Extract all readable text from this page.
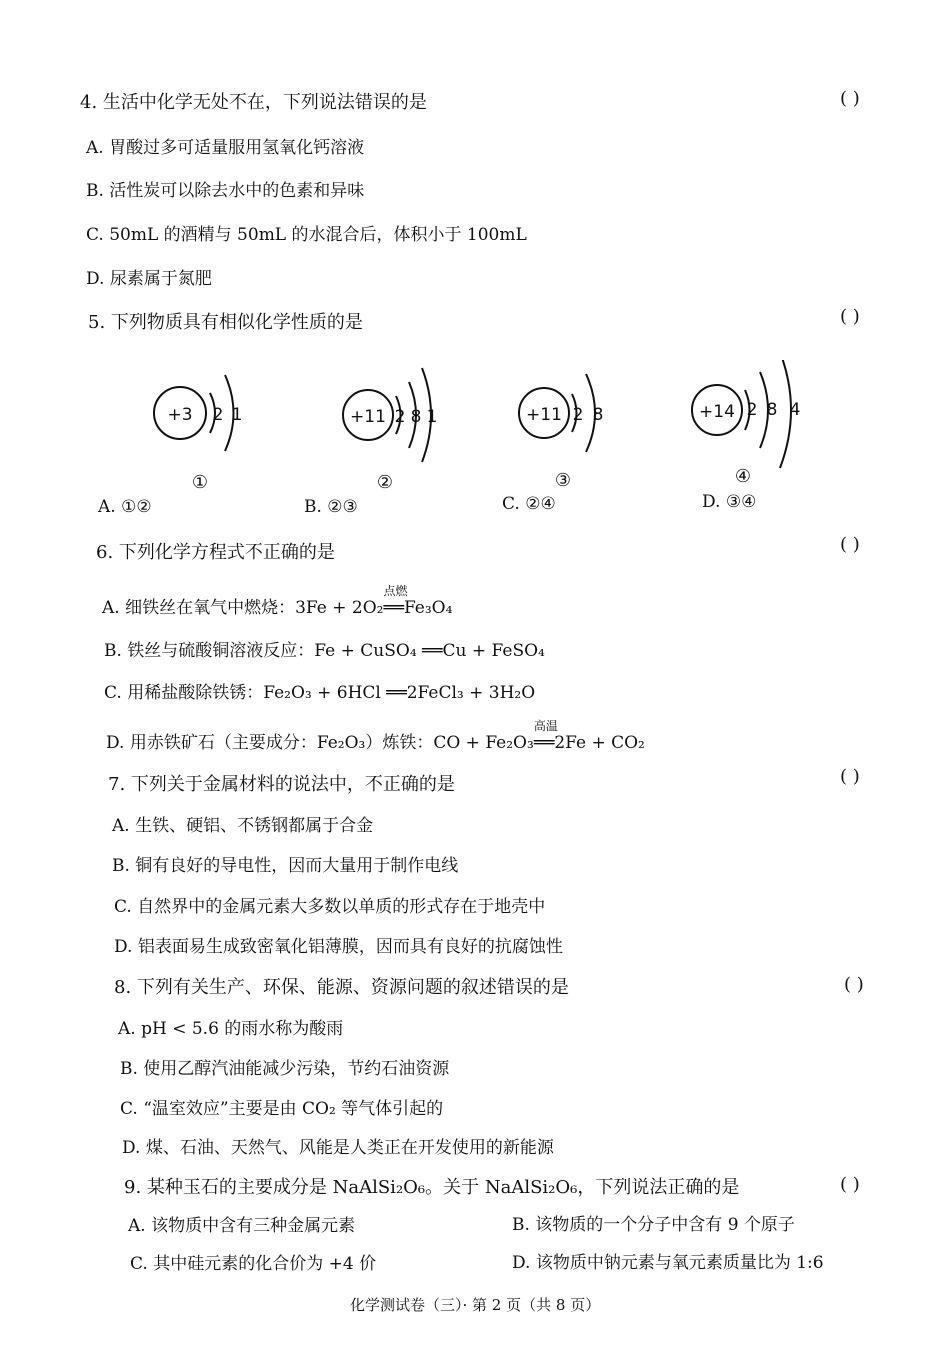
4. 生活中化学无处不在，下列说法错误的是	( )
A. 胃酸过多可适量服用氢氧化钙溶液
B. 活性炭可以除去水中的色素和异味
C. 50mL 的酒精与 50mL 的水混合后，体积小于 100mL
D. 尿素属于氮肥
5. 下列物质具有相似化学性质的是	( )
+3 2 1
①
+11 2 8 1
②
+11 2 8
③
+14 2 8 4
④
A. ①②	B. ②③	C. ②④	D. ③④
6. 下列化学方程式不正确的是	( )
A. 细铁丝在氧气中燃烧：3Fe + 2O₂
点燃
══Fe₃O₄
B. 铁丝与硫酸铜溶液反应：Fe + CuSO₄ ══Cu + FeSO₄
C. 用稀盐酸除铁锈：Fe₂O₃ + 6HCl ══2FeCl₃ + 3H₂O
D. 用赤铁矿石（主要成分：Fe₂O₃）炼铁：CO + Fe₂O₃
高温
══2Fe + CO₂
7. 下列关于金属材料的说法中，不正确的是	( )
A. 生铁、硬铝、不锈钢都属于合金
B. 铜有良好的导电性，因而大量用于制作电线
C. 自然界中的金属元素大多数以单质的形式存在于地壳中
D. 铝表面易生成致密氧化铝薄膜，因而具有良好的抗腐蚀性
8. 下列有关生产、环保、能源、资源问题的叙述错误的是	( )
A. pH < 5.6 的雨水称为酸雨
B. 使用乙醇汽油能减少污染，节约石油资源
C. “温室效应”主要是由 CO₂ 等气体引起的
D. 煤、石油、天然气、风能是人类正在开发使用的新能源
9. 某种玉石的主要成分是 NaAlSi₂O₆。关于 NaAlSi₂O₆，下列说法正确的是	( )
A. 该物质中含有三种金属元素	B. 该物质的一个分子中含有 9 个原子
C. 其中硅元素的化合价为 +4 价	D. 该物质中钠元素与氧元素质量比为 1:6
化学测试卷（三）· 第 2 页（共 8 页）
